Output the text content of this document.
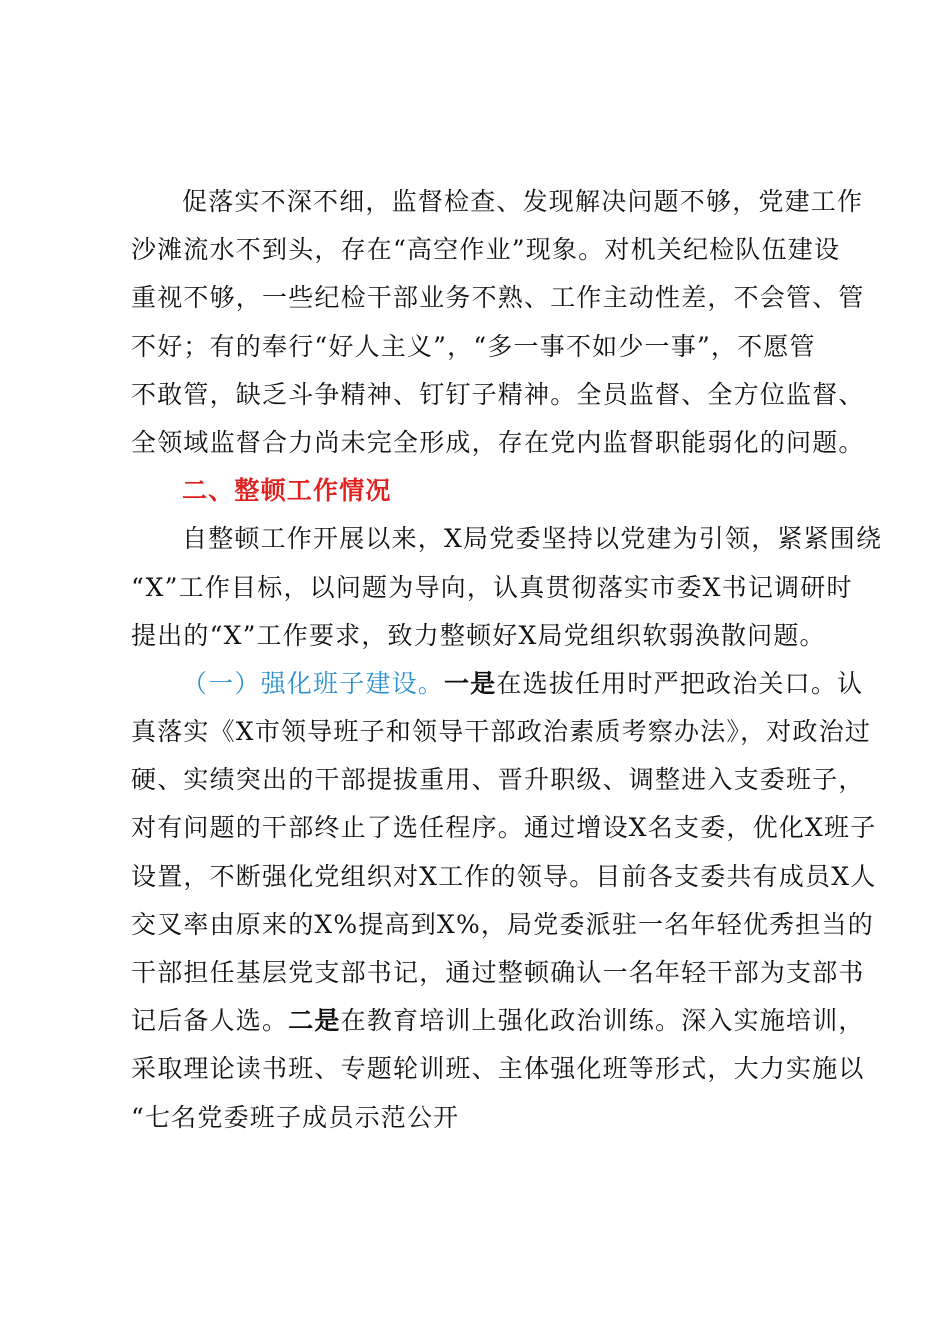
促落实不深不细，监督检查、发现解决问题不够，党建工作
沙滩流水不到头，存在“高空作业”现象。对机关纪检队伍建设
重视不够，一些纪检干部业务不熟、工作主动性差，不会管、管
不好；有的奉行“好人主义”，“多一事不如少一事”，不愿管
不敢管，缺乏斗争精神、钉钉子精神。全员监督、全方位监督、
全领域监督合力尚未完全形成，存在党内监督职能弱化的问题。
二、整顿工作情况
自整顿工作开展以来，X局党委坚持以党建为引领，紧紧围绕
“X”工作目标，以问题为导向，认真贯彻落实市委X书记调研时
提出的“X”工作要求，致力整顿好X局党组织软弱涣散问题。
（一）强化班子建设。一是在选拔任用时严把政治关口。认
真落实《X市领导班子和领导干部政治素质考察办法》，对政治过
硬、实绩突出的干部提拔重用、晋升职级、调整进入支委班子，
对有问题的干部终止了选任程序。通过增设X名支委，优化X班子
设置，不断强化党组织对X工作的领导。目前各支委共有成员X人
交叉率由原来的X%提高到X%，局党委派驻一名年轻优秀担当的
干部担任基层党支部书记，通过整顿确认一名年轻干部为支部书
记后备人选。二是在教育培训上强化政治训练。深入实施培训，
采取理论读书班、专题轮训班、主体强化班等形式，大力实施以
“七名党委班子成员示范公开
